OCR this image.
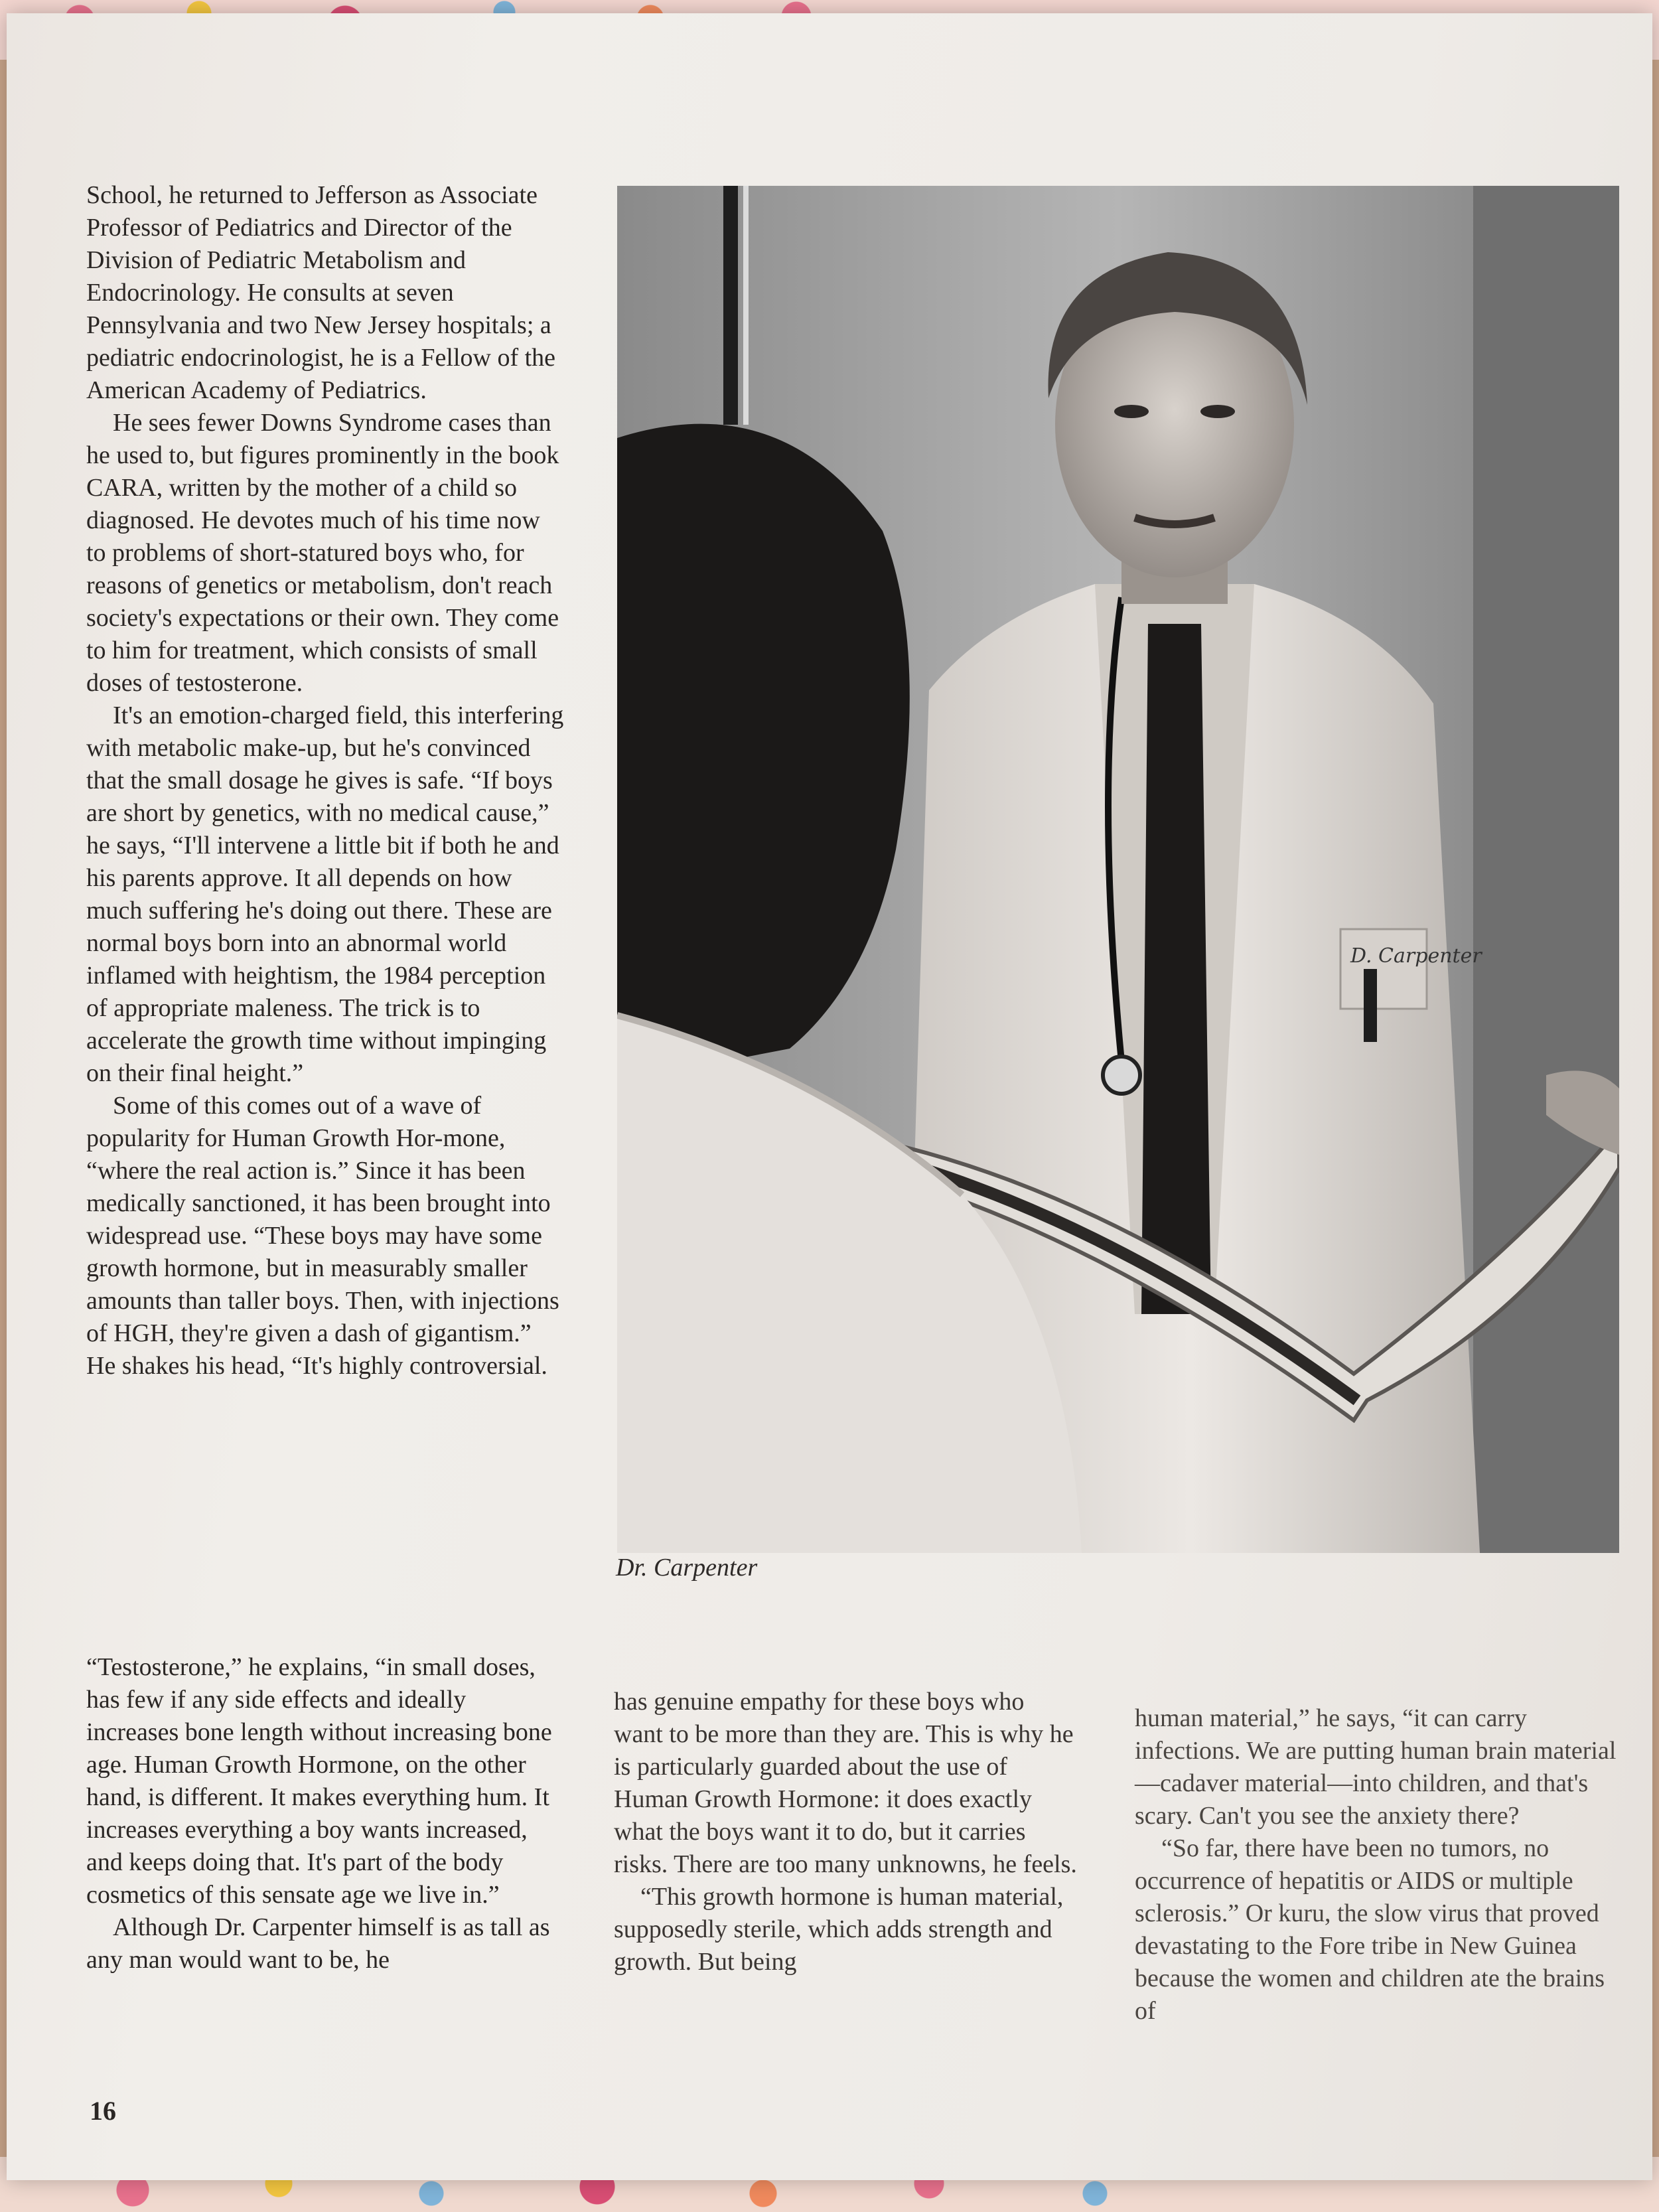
School, he returned to Jefferson as Associate Professor of Pediatrics and Director of the Division of Pediatric Metabolism and Endocrinology. He consults at seven Pennsylvania and two New Jersey hospitals; a pediatric endocrinologist, he is a Fellow of the American Academy of Pediatrics.

He sees fewer Downs Syndrome cases than he used to, but figures prominently in the book CARA, written by the mother of a child so diagnosed. He devotes much of his time now to problems of short-statured boys who, for reasons of genetics or metabolism, don't reach society's expectations or their own. They come to him for treatment, which consists of small doses of testosterone.

It's an emotion-charged field, this interfering with metabolic make-up, but he's convinced that the small dosage he gives is safe. “If boys are short by genetics, with no medical cause,” he says, “I'll intervene a little bit if both he and his parents approve. It all depends on how much suffering he's doing out there. These are normal boys born into an abnormal world inflamed with heightism, the 1984 perception of appropriate maleness. The trick is to accelerate the growth time without impinging on their final height.”

Some of this comes out of a wave of popularity for Human Growth Hor-mone, “where the real action is.” Since it has been medically sanctioned, it has been brought into widespread use. “These boys may have some growth hormone, but in measurably smaller amounts than taller boys. Then, with injections of HGH, they're given a dash of gigantism.” He shakes his head, “It's highly controversial.

D. Carpenter
Dr. Carpenter

“Testosterone,” he explains, “in small doses, has few if any side effects and ideally increases bone length without increasing bone age. Human Growth Hormone, on the other hand, is different. It makes everything hum. It increases everything a boy wants increased, and keeps doing that. It's part of the body cosmetics of this sensate age we live in.”

Although Dr. Carpenter himself is as tall as any man would want to be, he

has genuine empathy for these boys who want to be more than they are. This is why he is particularly guarded about the use of Human Growth Hormone: it does exactly what the boys want it to do, but it carries risks. There are too many unknowns, he feels.

“This growth hormone is human material, supposedly sterile, which adds strength and growth. But being

human material,” he says, “it can carry infections. We are putting human brain material—cadaver material—into children, and that's scary. Can't you see the anxiety there?

“So far, there have been no tumors, no occurrence of hepatitis or AIDS or multiple sclerosis.” Or kuru, the slow virus that proved devastating to the Fore tribe in New Guinea because the women and children ate the brains of

16
